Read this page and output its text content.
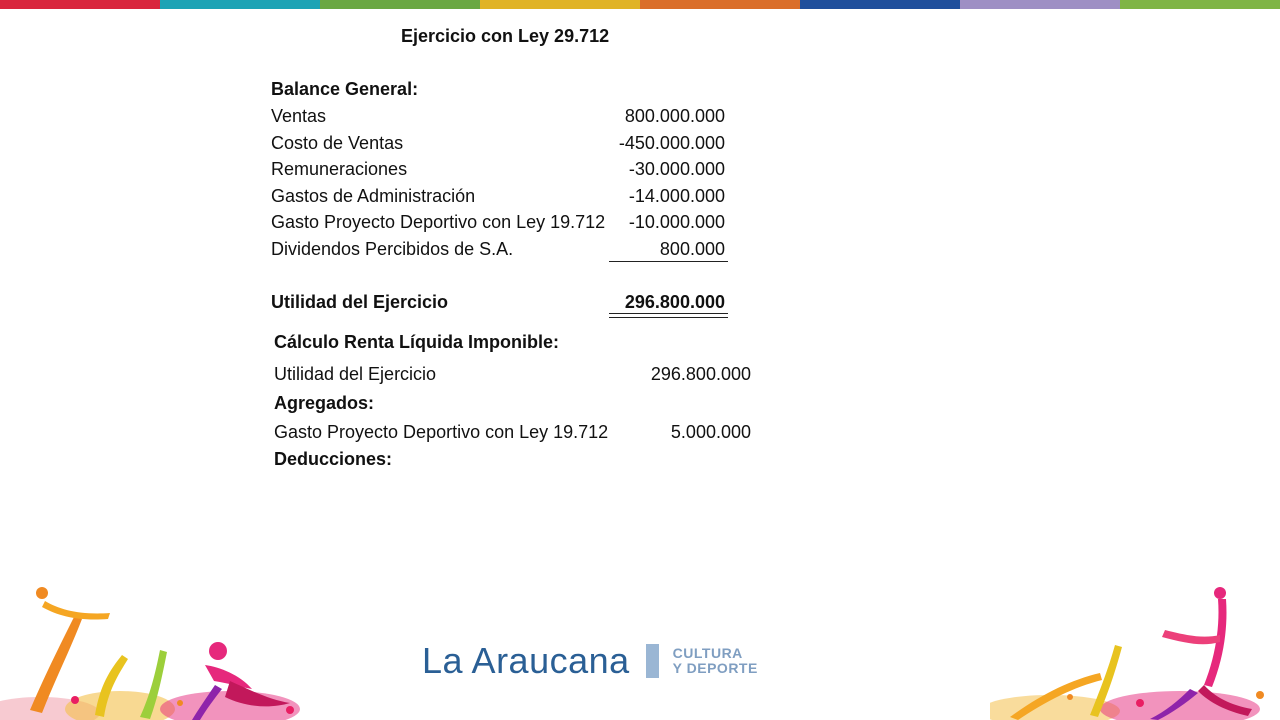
Ejercicio con Ley 29.712
Balance General:
Ventas	800.000.000
Costo de Ventas	-450.000.000
Remuneraciones	-30.000.000
Gastos de Administración	-14.000.000
Gasto Proyecto Deportivo con Ley 19.712 -10.000.000
Dividendos Percibidos de S.A.	800.000
Utilidad del Ejercicio	296.800.000
Cálculo Renta Líquida Imponible:
Utilidad del Ejercicio	296.800.000
Agregados:
Gasto Proyecto Deportivo con Ley 19.712	5.000.000
Deducciones:
La Araucana	CULTURA
Y DEPORTE
